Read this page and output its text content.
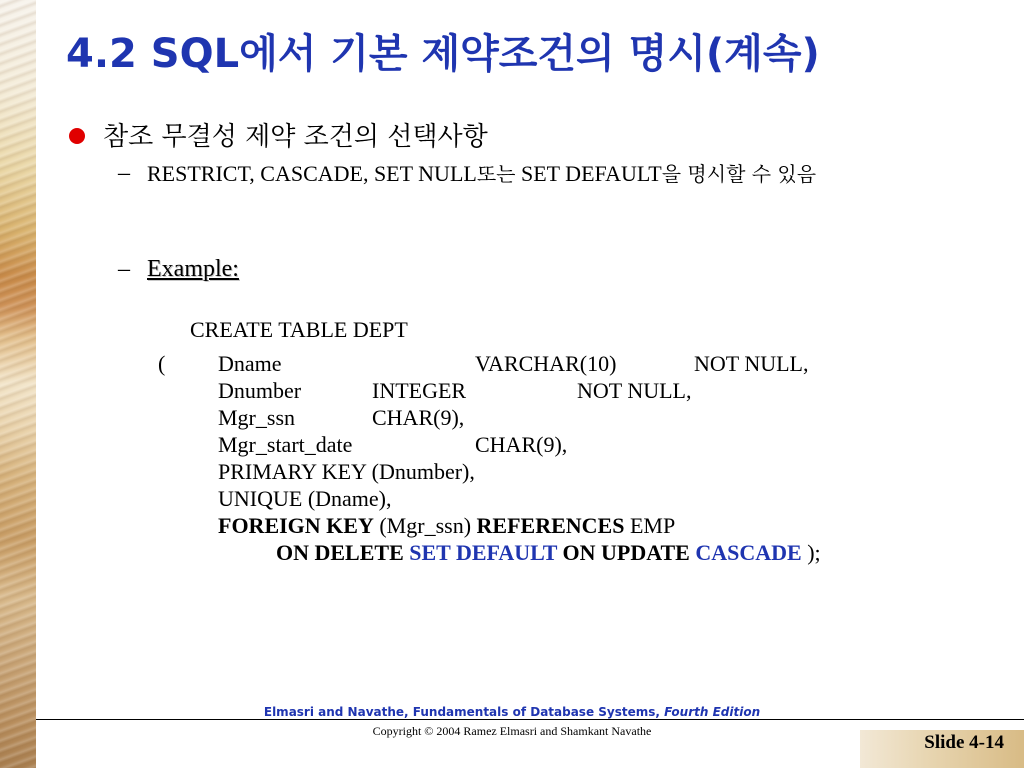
4.2 SQL에서 기본 제약조건의 명시(계속)
참조 무결성 제약 조건의 선택사항
– RESTRICT, CASCADE, SET NULL또는 SET DEFAULT을 명시할 수 있음
– Example:
CREATE TABLE DEPT
( Dname	VARCHAR(10)	NOT NULL,
Dnumber	INTEGER	NOT NULL,
Mgr_ssn	CHAR(9),
Mgr_start_date	CHAR(9),
PRIMARY KEY (Dnumber),
UNIQUE (Dname),
FOREIGN KEY (Mgr_ssn) REFERENCES EMP
ON DELETE SET DEFAULT ON UPDATE CASCADE );
Elmasri and Navathe, Fundamentals of Database Systems, Fourth Edition
Copyright © 2004 Ramez Elmasri and Shamkant Navathe
Slide 4-14
